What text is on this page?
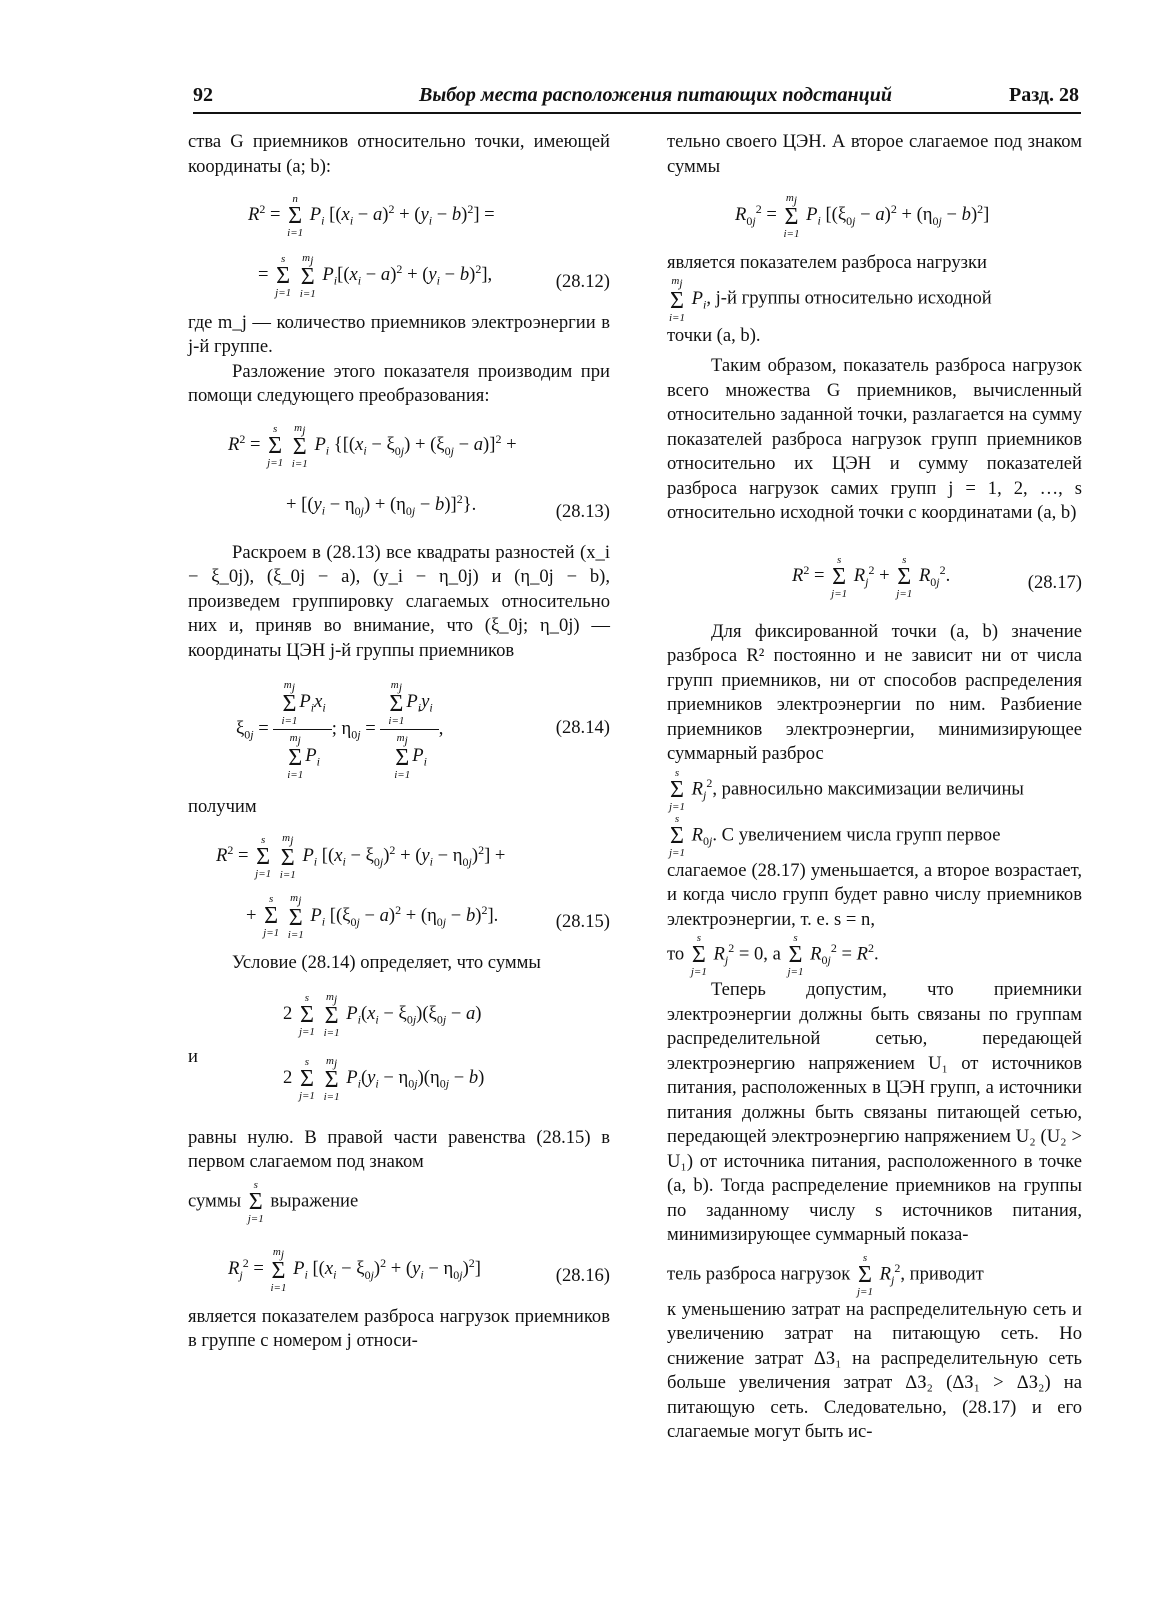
92	Выбор места расположения питающих подстанций	Разд. 28

ства G приемников относительно точки, имеющей координаты (a; b):

$R^2$ =
n
Σ
i=1
$P_i$ $[(x_i - a)^2 + (y_i - b)^2]$ =
=
s
Σ
j=1

$m_j$
Σ
i=1
$P_i[(x_i - a)^2 + (y_i - b)^2]$,	(28.12)

где m_j — количество приемников электроэнергии в j-й группе.

Разложение этого показателя производим при помощи следующего преобразования:

$R^2$ =
s
Σ
j=1

$m_j$
Σ
i=1
$P_i$ {$[(x_i - \xi_{0j}) + (\xi_{0j} - a)]^2$ +
+ $[(y_i - \eta_{0j}) + (\eta_{0j} - b)]^2$}.	(28.13)

Раскроем в (28.13) все квадраты разностей (x_i − ξ_0j), (ξ_0j − a), (y_i − η_0j) и (η_0j − b), произведем группировку слагаемых относительно них и, приняв во внимание, что (ξ_0j; η_0j) — координаты ЦЭН j-й группы приемников

$\xi_{0j} = m_j$
Σ
i=1
$P_ix_i$
$m_j$
Σ
i=1
$P_i$ ; $\eta_{0j} = m_j$
Σ
i=1
$P_iy_i$
$m_j$
Σ
i=1
$P_i$ ,	(28.14)

получим

$R^2$ =
s
Σ
j=1

$m_j$
Σ
i=1
$P_i$ $[(x_i - \xi_{0j})^2 + (y_i - \eta_{0j})^2]$ +
+
s
Σ
j=1

$m_j$
Σ
i=1
$P_i$ $[(\xi_{0j} - a)^2 + (\eta_{0j} - b)^2]$.	(28.15)

Условие (28.14) определяет, что суммы

2
s
Σ
j=1

$m_j$
Σ
i=1
$P_i(x_i - \xi_{0j})(\xi_{0j} - a)$
и
2
s
Σ
j=1

$m_j$
Σ
i=1
$P_i(y_i - \eta_{0j})(\eta_{0j} - b)$

равны нулю. В правой части равенства (28.15) в первом слагаемом под знаком

суммы
s
Σ
j=1
выражение

$R_j^2$ =
$m_j$
Σ
i=1
$P_i$ $[(x_i - \xi_{0j})^2 + (y_i - \eta_{0j})^2]$	(28.16)

является показателем разброса нагрузок приемников в группе с номером j относи-

тельно своего ЦЭН. А второе слагаемое под знаком суммы

$R_{0j}^2$ =
$m_j$
Σ
i=1
$P_i$ $[(\xi_{0j} - a)^2 + (\eta_{0j} - b)^2]$

является показателем разброса нагрузки

$m_j$
Σ
i=1
$P_i$, j-й группы относительно исходной

точки (a, b).

Таким образом, показатель разброса нагрузок всего множества G приемников, вычисленный относительно заданной точки, разлагается на сумму показателей разброса нагрузок групп приемников относительно их ЦЭН и сумму показателей разброса нагрузок самих групп j = 1, 2, …, s относительно исходной точки с координатами (a, b)

$R^2$ =
s
Σ
j=1
$R_j^2$ +
s
Σ
j=1
$R_{0j}^2$.	(28.17)

Для фиксированной точки (a, b) значение разброса R² постоянно и не зависит ни от числа групп приемников, ни от способов распределения приемников электроэнергии по ним. Разбиение приемников электроэнергии, минимизирующее суммарный разброс

s
Σ
j=1
$R_j^2$, равносильно максимизации величины

s
Σ
j=1
$R_{0j}$. С увеличением числа групп первое

слагаемое (28.17) уменьшается, а второе возрастает, и когда число групп будет равно числу приемников электроэнергии, т. е. s = n,

то
s
Σ
j=1
$R_j^2 = 0$, а
s
Σ
j=1
$R_{0j}^2 = R^2$.

Теперь допустим, что приемники электроэнергии должны быть связаны по группам распределительной сетью, передающей электроэнергию напряжением U₁ от источников питания, расположенных в ЦЭН групп, а источники питания должны быть связаны питающей сетью, передающей электроэнергию напряжением U₂ (U₂ > U₁) от источника питания, расположенного в точке (a, b). Тогда распределение приемников на группы по заданному числу s источников питания, минимизирующее суммарный показа-

тель разброса нагрузок
s
Σ
j=1
$R_j^2$, приводит

к уменьшению затрат на распределительную сеть и увеличению затрат на питающую сеть. Но снижение затрат ΔЗ₁ на распределительную сеть больше увеличения затрат ΔЗ₂ (ΔЗ₁ > ΔЗ₂) на питающую сеть. Следовательно, (28.17) и его слагаемые могут быть ис-
